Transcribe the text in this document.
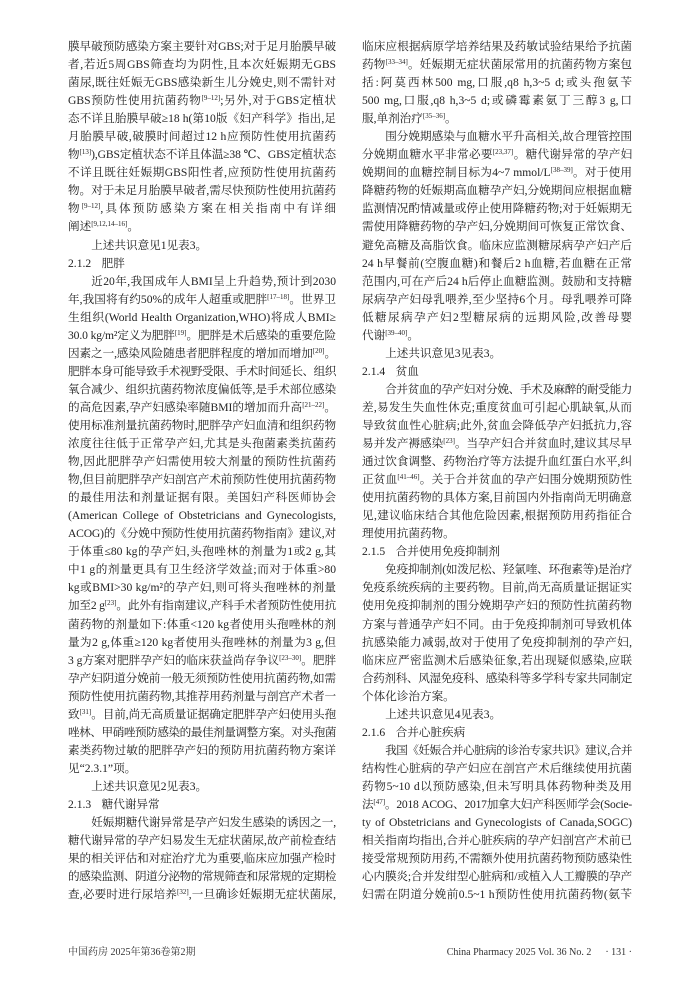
膜早破预防感染方案主要针对GBS;对于足月胎膜早破
者,若近5周GBS筛查均为阴性,且本次妊娠期无GBS
菌尿,既往妊娠无GBS感染新生儿分娩史,则不需针对
GBS预防性使用抗菌药物[9–12];另外,对于GBS定植状
态不详且胎膜早破≥18 h(第10版《妇产科学》指出,足
月胎膜早破,破膜时间超过12 h应预防性使用抗菌药
物[13]),GBS定植状态不详且体温≥38 ℃、GBS定植状态
不详且既往妊娠期GBS阳性者,应预防性使用抗菌药
物。对于未足月胎膜早破者,需尽快预防性使用抗菌药
物[9–12],具体预防感染方案在相关指南中有详细
阐述[9,12,14–16]。
上述共识意见1见表3。
2.1.2 肥胖
近20年,我国成年人BMI呈上升趋势,预计到2030
年,我国将有约50%的成年人超重或肥胖[17–18]。世界卫
生组织(World Health Organization,WHO)将成人BMI≥
30.0 kg/m²定义为肥胖[19]。肥胖是术后感染的重要危险
因素之一,感染风险随患者肥胖程度的增加而增加[20]。
肥胖本身可能导致手术视野受限、手术时间延长、组织
氧合减少、组织抗菌药物浓度偏低等,是手术部位感染
的高危因素,孕产妇感染率随BMI的增加而升高[21–22]。
使用标准剂量抗菌药物时,肥胖孕产妇血清和组织药物
浓度往往低于正常孕产妇,尤其是头孢菌素类抗菌药
物,因此肥胖孕产妇需使用较大剂量的预防性抗菌药
物,但目前肥胖孕产妇剖宫产术前预防性使用抗菌药物
的最佳用法和剂量证据有限。美国妇产科医师协会
(American College of Obstetricians and Gynecologists,
ACOG)的《分娩中预防性使用抗菌药物指南》建议,对
于体重≤80 kg的孕产妇,头孢唑林的剂量为1或2 g,其
中1 g的剂量更具有卫生经济学效益;而对于体重>80
kg或BMI>30 kg/m²的孕产妇,则可将头孢唑林的剂量
加至2 g[23]。此外有指南建议,产科手术者预防性使用抗
菌药物的剂量如下:体重<120 kg者使用头孢唑林的剂
量为2 g,体重≥120 kg者使用头孢唑林的剂量为3 g,但
3 g方案对肥胖孕产妇的临床获益尚存争议[23–30]。肥胖
孕产妇阴道分娩前一般无须预防性使用抗菌药物,如需
预防性使用抗菌药物,其推荐用药剂量与剖宫产术者一
致[31]。目前,尚无高质量证据确定肥胖孕产妇使用头孢
唑林、甲硝唑预防感染的最佳剂量调整方案。对头孢菌
素类药物过敏的肥胖孕产妇的预防用抗菌药物方案详
见“2.3.1”项。
上述共识意见2见表3。
2.1.3 糖代谢异常
妊娠期糖代谢异常是孕产妇发生感染的诱因之一,
糖代谢异常的孕产妇易发生无症状菌尿,故产前检查结
果的相关评估和对症治疗尤为重要,临床应加强产检时
的感染监测、阴道分泌物的常规筛查和尿常规的定期检
查,必要时进行尿培养[32],一旦确诊妊娠期无症状菌尿,
临床应根据病原学培养结果及药敏试验结果给予抗菌
药物[33–34]。妊娠期无症状菌尿常用的抗菌药物方案包
括:阿莫西林500 mg,口服,q8 h,3~5 d;或头孢氨苄
500 mg,口服,q8 h,3~5 d;或磷霉素氨丁三醇3 g,口
服,单剂治疗[35–36]。
围分娩期感染与血糖水平升高相关,故合理管控围
分娩期血糖水平非常必要[23,37]。糖代谢异常的孕产妇
娩期间的血糖控制目标为4~7 mmol/L[38–39]。对于使用
降糖药物的妊娠期高血糖孕产妇,分娩期间应根据血糖
监测情况酌情减量或停止使用降糖药物;对于妊娠期无
需使用降糖药物的孕产妇,分娩期间可恢复正常饮食、
避免高糖及高脂饮食。临床应监测糖尿病孕产妇产后
24 h早餐前(空腹血糖)和餐后2 h血糖,若血糖在正常
范围内,可在产后24 h后停止血糖监测。鼓励和支持糖
尿病孕产妇母乳喂养,至少坚持6个月。母乳喂养可降
低糖尿病孕产妇2型糖尿病的远期风险,改善母婴
代谢[39–40]。
上述共识意见3见表3。
2.1.4 贫血
合并贫血的孕产妇对分娩、手术及麻醉的耐受能力
差,易发生失血性休克;重度贫血可引起心肌缺氧,从而
导致贫血性心脏病;此外,贫血会降低孕产妇抵抗力,容
易并发产褥感染[23]。当孕产妇合并贫血时,建议其尽早
通过饮食调整、药物治疗等方法提升血红蛋白水平,纠
正贫血[41–46]。关于合并贫血的孕产妇围分娩期预防性
使用抗菌药物的具体方案,目前国内外指南尚无明确意
见,建议临床结合其他危险因素,根据预防用药指征合
理使用抗菌药物。
2.1.5 合并使用免疫抑制剂
免疫抑制剂(如泼尼松、羟氯喹、环孢素等)是治疗
免疫系统疾病的主要药物。目前,尚无高质量证据证实
使用免疫抑制剂的围分娩期孕产妇的预防性抗菌药物
方案与普通孕产妇不同。由于免疫抑制剂可导致机体
抗感染能力减弱,故对于使用了免疫抑制剂的孕产妇,
临床应严密监测术后感染征象,若出现疑似感染,应联
合药剂科、风湿免疫科、感染科等多学科专家共同制定
个体化诊治方案。
上述共识意见4见表3。
2.1.6 合并心脏疾病
我国《妊娠合并心脏病的诊治专家共识》建议,合并
结构性心脏病的孕产妇应在剖宫产术后继续使用抗菌
药物5~10 d以预防感染,但未写明具体药物种类及用
法[47]。2018 ACOG、2017加拿大妇产科医师学会(Socie-
ty of Obstetricians and Gynecologists of Canada,SOGC)
相关指南均指出,合并心脏疾病的孕产妇剖宫产术前已
接受常规预防用药,不需额外使用抗菌药物预防感染性
心内膜炎;合并发绀型心脏病和/或植入人工瓣膜的孕产
妇需在阴道分娩前0.5~1 h预防性使用抗菌药物(氨苄
中国药房 2025年第36卷第2期	China Pharmacy 2025 Vol. 36 No. 2 · 131 ·
